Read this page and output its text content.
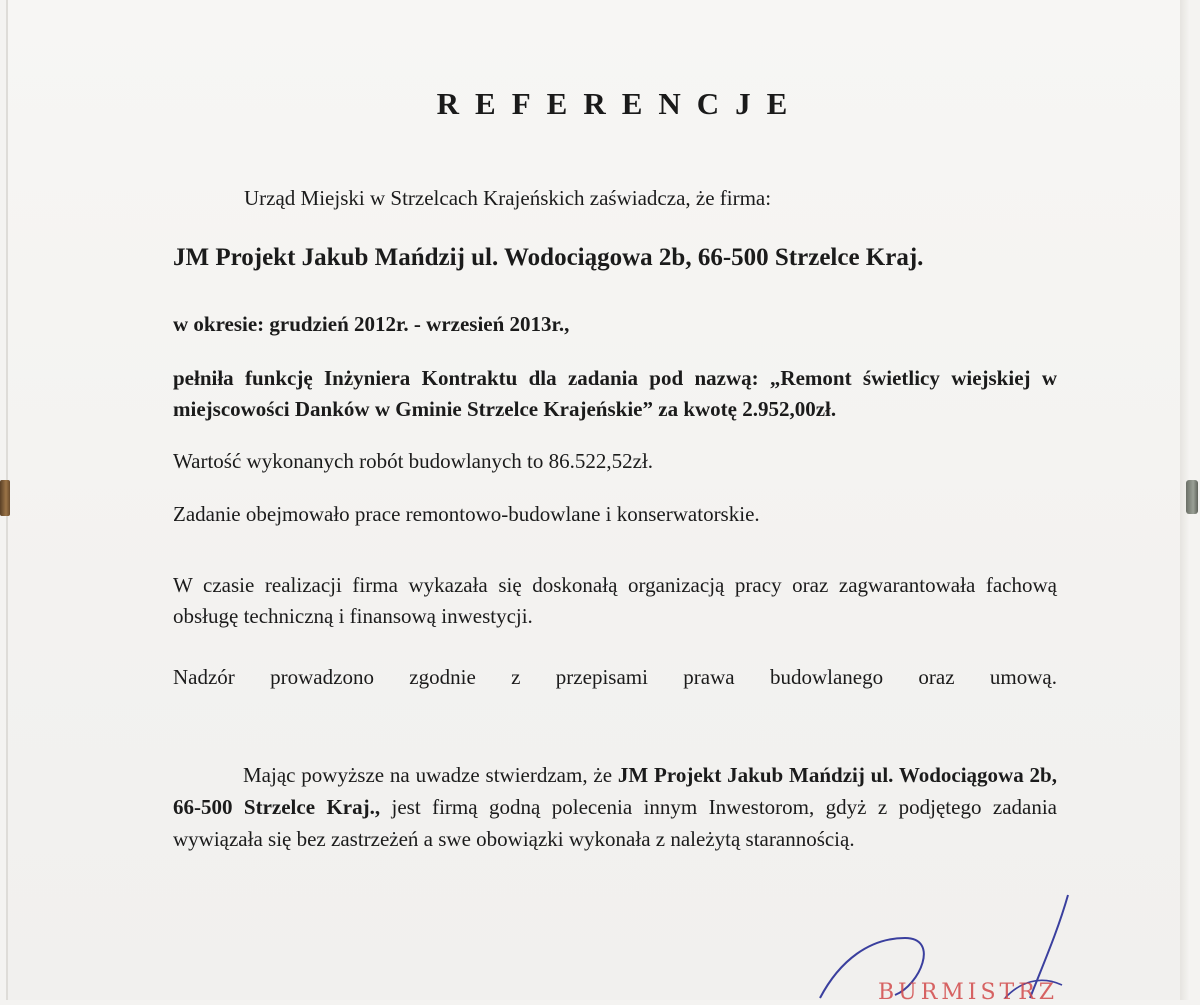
REFERENCJE
Urząd Miejski w Strzelcach Krajeńskich zaświadcza, że firma:
JM Projekt Jakub Mańdzij ul. Wodociągowa 2b, 66-500 Strzelce Kraj.
w okresie: grudzień 2012r. - wrzesień 2013r.,
pełniła funkcję Inżyniera Kontraktu dla zadania pod nazwą: „Remont świetlicy wiejskiej w miejscowości Danków w Gminie Strzelce Krajeńskie” za kwotę 2.952,00zł.
Wartość wykonanych robót budowlanych to 86.522,52zł.
Zadanie obejmowało prace remontowo-budowlane i konserwatorskie.
W czasie realizacji firma wykazała się doskonałą organizacją pracy oraz zagwarantowała fachową obsługę techniczną i finansową inwestycji.
Nadzór prowadzono zgodnie z przepisami prawa budowlanego oraz umową.
Mając powyższe na uwadze stwierdzam, że JM Projekt Jakub Mańdzij ul. Wodociągowa 2b, 66-500 Strzelce Kraj., jest firmą godną polecenia innym Inwestorom, gdyż z podjętego zadania wywiązała się bez zastrzeżeń a swe obowiązki wykonała z należytą starannością.
BURMISTRZ
